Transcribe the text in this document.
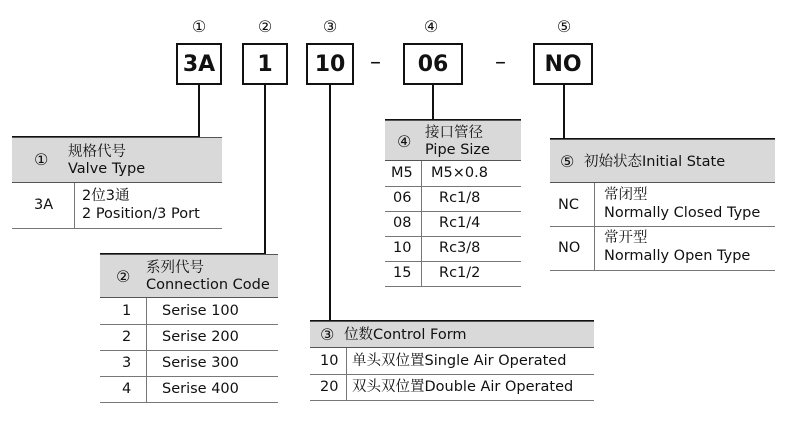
①	②	③	④	⑤
3A	1	10	–	06	–	NO
① 规格代号
Valve Type
3A
2位3通
2 Position/3 Port
② 系列代号
Connection Code
1 Serise 100
2 Serise 200
3 Serise 300
4 Serise 400
③ 位数Control Form
10 单头双位置Single Air Operated
20 双头双位置Double Air Operated
④ 接口管径
Pipe Size
M5 M5×0.8
06 Rc1/8
08 Rc1/4
10 Rc3/8
15 Rc1/2
⑤ 初始状态Initial State
NC
常闭型
Normally Closed Type
NO
常开型
Normally Open Type
